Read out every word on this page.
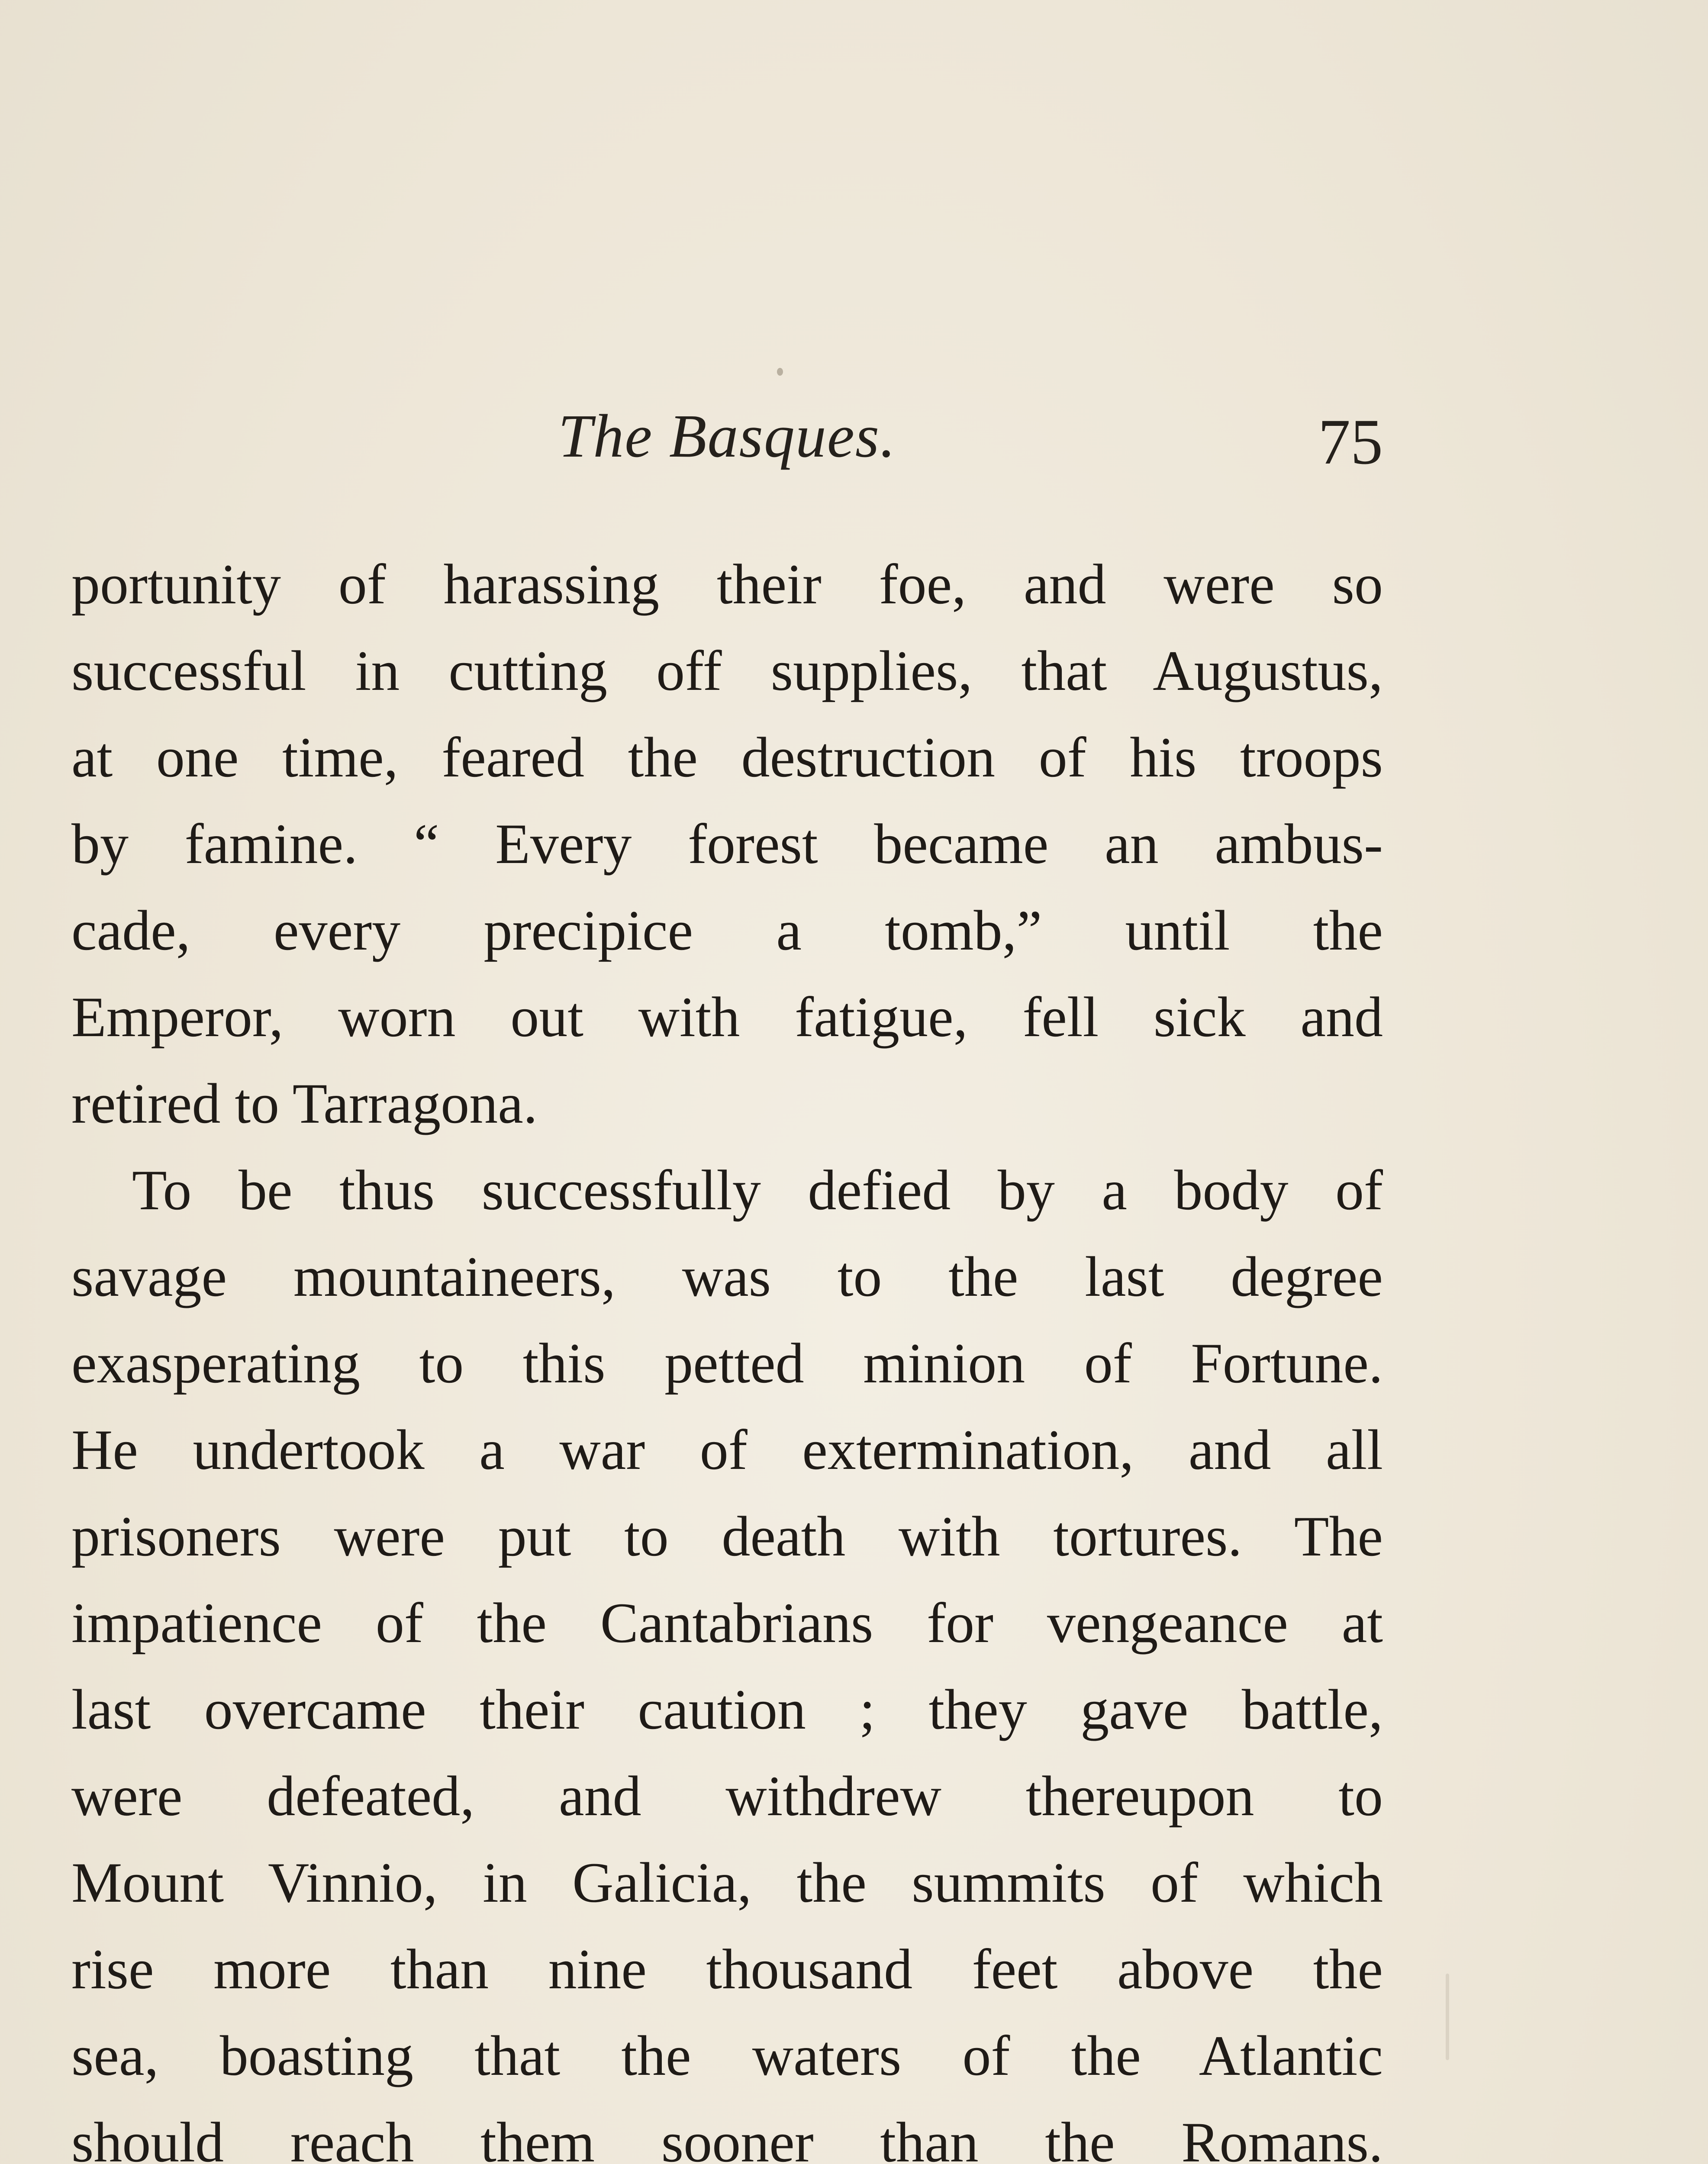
The Basques.	75
portunity of harassing their foe, and were so
successful in cutting off supplies, that Augustus,
at one time, feared the destruction of his troops
by famine. “ Every forest became an ambus-
cade, every precipice a tomb,” until the
Emperor, worn out with fatigue, fell sick and
retired to Tarragona.
To be thus successfully defied by a body of
savage mountaineers, was to the last degree
exasperating to this petted minion of Fortune.
He undertook a war of extermination, and all
prisoners were put to death with tortures. The
impatience of the Cantabrians for vengeance at
last overcame their caution ; they gave battle,
were defeated, and withdrew thereupon to
Mount Vinnio, in Galicia, the summits of which
rise more than nine thousand feet above the
sea, boasting that the waters of the Atlantic
should reach them sooner than the Romans.
